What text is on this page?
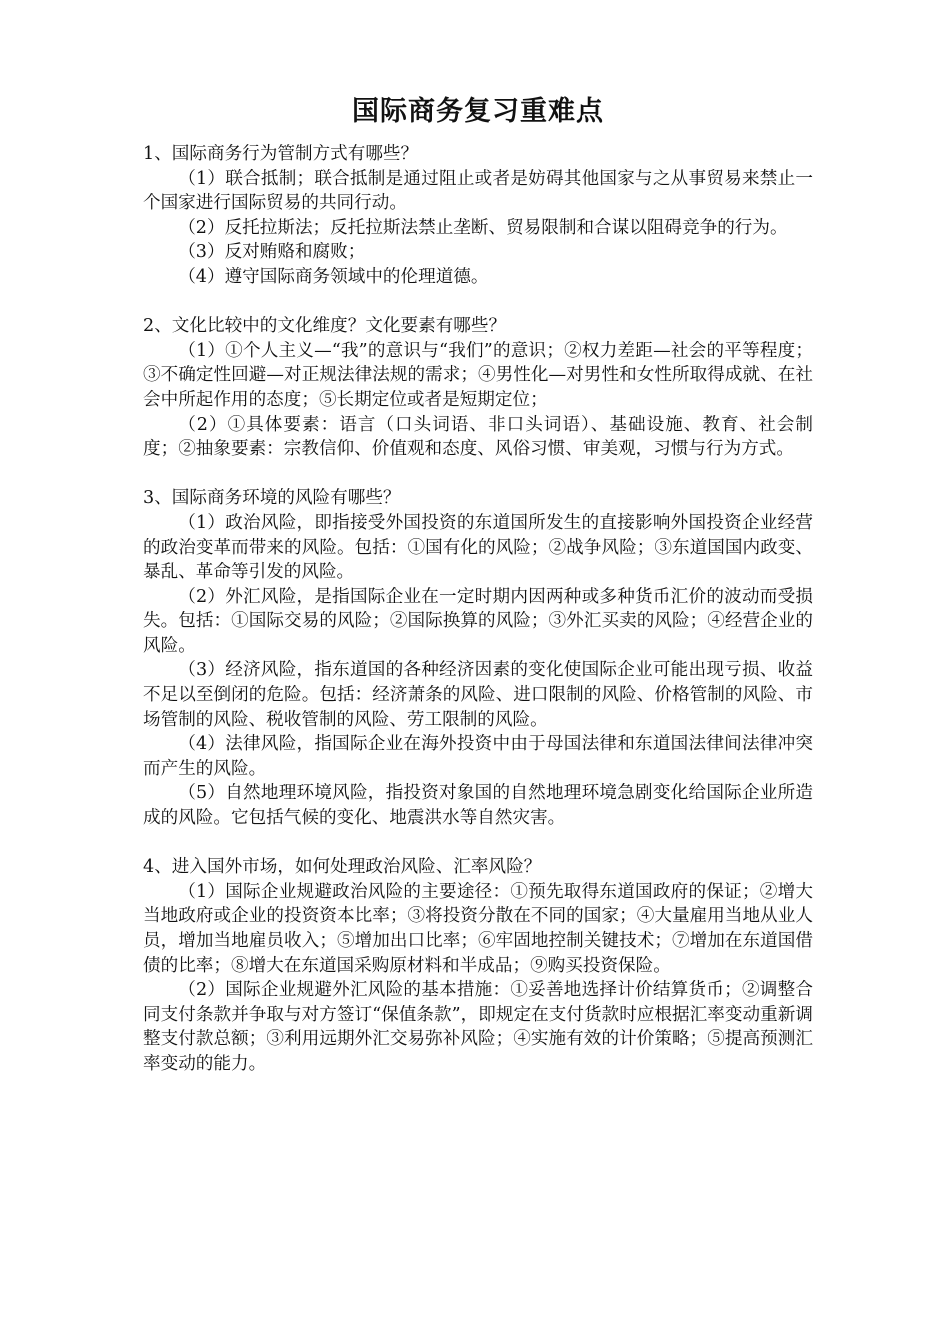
国际商务复习重难点

1、国际商务行为管制方式有哪些？

（1）联合抵制；联合抵制是通过阻止或者是妨碍其他国家与之从事贸易来禁止一个国家进行国际贸易的共同行动。

（2）反托拉斯法；反托拉斯法禁止垄断、贸易限制和合谋以阻碍竞争的行为。

（3）反对贿赂和腐败；

（4）遵守国际商务领域中的伦理道德。

2、文化比较中的文化维度？文化要素有哪些？

（1）①个人主义—“我”的意识与“我们”的意识；②权力差距—社会的平等程度；③不确定性回避—对正规法律法规的需求；④男性化—对男性和女性所取得成就、在社会中所起作用的态度；⑤长期定位或者是短期定位；

（2）①具体要素：语言（口头词语、非口头词语）、基础设施、教育、社会制度；②抽象要素：宗教信仰、价值观和态度、风俗习惯、审美观，习惯与行为方式。

3、国际商务环境的风险有哪些？

（1）政治风险，即指接受外国投资的东道国所发生的直接影响外国投资企业经营的政治变革而带来的风险。包括：①国有化的风险；②战争风险；③东道国国内政变、暴乱、革命等引发的风险。

（2）外汇风险，是指国际企业在一定时期内因两种或多种货币汇价的波动而受损失。包括：①国际交易的风险；②国际换算的风险；③外汇买卖的风险；④经营企业的风险。

（3）经济风险，指东道国的各种经济因素的变化使国际企业可能出现亏损、收益不足以至倒闭的危险。包括：经济萧条的风险、进口限制的风险、价格管制的风险、市场管制的风险、税收管制的风险、劳工限制的风险。

（4）法律风险，指国际企业在海外投资中由于母国法律和东道国法律间法律冲突而产生的风险。

（5）自然地理环境风险，指投资对象国的自然地理环境急剧变化给国际企业所造成的风险。它包括气候的变化、地震洪水等自然灾害。

4、进入国外市场，如何处理政治风险、汇率风险？

（1）国际企业规避政治风险的主要途径：①预先取得东道国政府的保证；②增大当地政府或企业的投资资本比率；③将投资分散在不同的国家；④大量雇用当地从业人员，增加当地雇员收入；⑤增加出口比率；⑥牢固地控制关键技术；⑦增加在东道国借债的比率；⑧增大在东道国采购原材料和半成品；⑨购买投资保险。

（2）国际企业规避外汇风险的基本措施：①妥善地选择计价结算货币；②调整合同支付条款并争取与对方签订“保值条款”，即规定在支付货款时应根据汇率变动重新调整支付款总额；③利用远期外汇交易弥补风险；④实施有效的计价策略；⑤提高预测汇率变动的能力。
